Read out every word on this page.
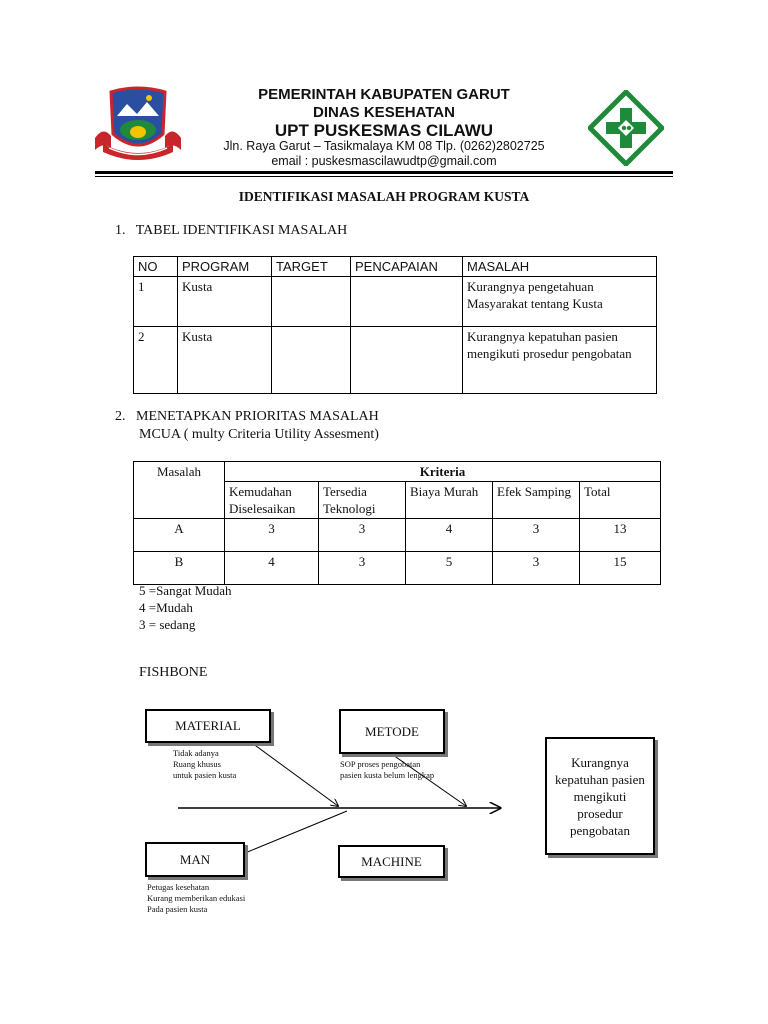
PEMERINTAH KABUPATEN GARUT
DINAS KESEHATAN
UPT PUSKESMAS CILAWU
Jln. Raya Garut – Tasikmalaya KM 08 Tlp. (0262)2802725
email : puskesmascilawudtp@gmail.com
IDENTIFIKASI MASALAH PROGRAM KUSTA
1.   TABEL IDENTIFIKASI MASALAH
NO	PROGRAM	TARGET	PENCAPAIAN	MASALAH
1	Kusta			Kurangnya pengetahuan Masyarakat tentang Kusta
2	Kusta			Kurangnya kepatuhan pasien mengikuti prosedur pengobatan
2.   MENETAPKAN PRIORITAS MASALAH
MCUA ( multy Criteria Utility Assesment)
Masalah	Kriteria				
	Kemudahan Diselesaikan	Tersedia Teknologi	Biaya Murah	Efek Samping	Total
A	3	3	4	3	13
B	4	3	5	3	15
5 =Sangat Mudah
4 =Mudah
3 = sedang
FISHBONE
MATERIAL	METODE
MAN	MACHINE
Kurangnya kepatuhan pasien mengikuti prosedur pengobatan
Tidak adanya
Ruang khusus
untuk pasien kusta
SOP proses pengobatan
pasien kusta belum lengkap
Petugas kesehatan
Kurang memberikan edukasi
Pada pasien kusta
